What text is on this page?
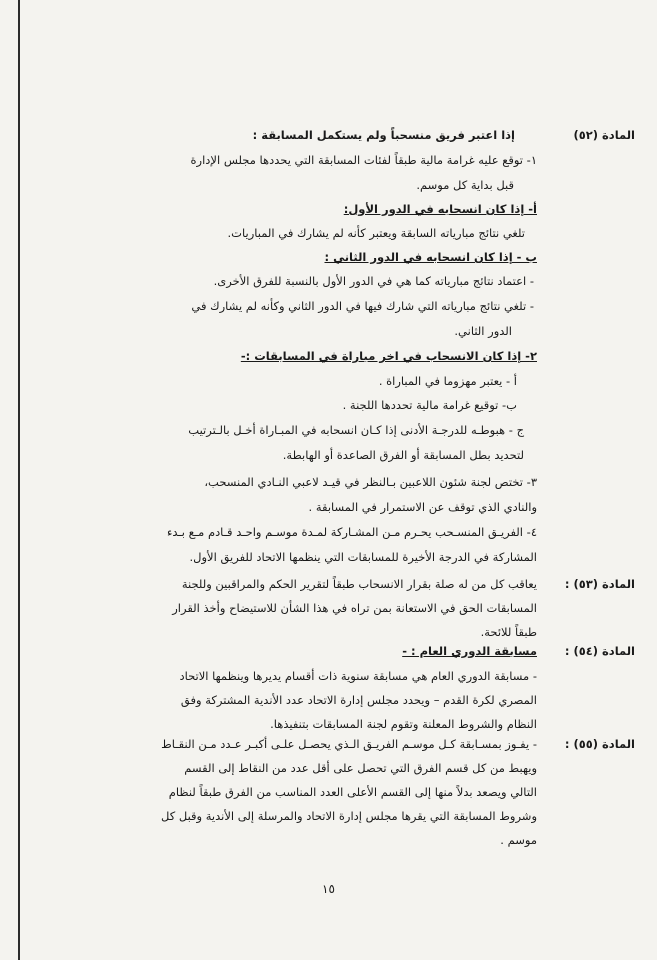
المادة (٥٢)
إذا اعتبر فريق منسحباً ولم يستكمل المسابقة :
١- توقع عليه غرامة مالية طبقاً لفئات المسابقة التي يحددها مجلس الإدارة
قبل بداية كل موسم.
أ- إذا كان انسحابه في الدور الأول:
تلغي نتائج مبارياته السابقة ويعتبر كأنه لم يشارك في المباريات.
ب - إذا كان انسحابه في الدور الثاني :
- اعتماد نتائج مبارياته كما هي في الدور الأول بالنسبة للفرق الأخرى.
- تلغي نتائج مبارياته التي شارك فيها في الدور الثاني وكأنه لم يشارك في
الدور الثاني.
٢- إذا كان الانسحاب في اخر مباراة في المسابقات :-
أ - يعتبر مهزوما في المباراة .
ب- توقيع غرامة مالية تحددها اللجنة .
ج - هبوطـه للدرجـة الأدنى إذا كـان انسحابه في المبـاراة أخـل بالـترتيب
لتحديد بطل المسابقة أو الفرق الصاعدة أو الهابطة.
٣- تختص لجنة شئون اللاعبين بـالنظر في قيـد لاعبي النـادي المنسحب،
والنادي الذي توقف عن الاستمرار في المسابقة .
٤- الفريـق المنسـحب يحـرم مـن المشـاركة لمـدة موسـم واحـد قـادم مـع بـدء
المشاركة في الدرجة الأخيرة للمسابقات التي ينظمها الاتحاد للفريق الأول.
المادة (٥٣) :
يعاقب كل من له صلة بقرار الانسحاب طبقاً لتقرير الحكم والمراقبين وللجنة
المسابقات الحق في الاستعانة بمن تراه في هذا الشأن للاستيضاح وأخذ القرار
طبقاً للائحة.
المادة (٥٤) :
مسابقة الدوري العام : -
- مسابقة الدوري العام هي مسابقة سنوية ذات أقسام يديرها وينظمها الاتحاد
المصري لكرة القدم – ويحدد مجلس إدارة الاتحاد عدد الأندية المشتركة وفق
النظام والشروط المعلنة وتقوم لجنة المسابقات بتنفيذها.
المادة (٥٥) :
- يفـوز بمسـابقة كـل موسـم الفريـق الـذي يحصـل علـى أكبـر عـدد مـن النقـاط
ويهبط من كل قسم الفرق التي تحصل على أقل عدد من النقاط إلى القسم
التالي ويصعد بدلاً منها إلى القسم الأعلى العدد المناسب من الفرق طبقاً لنظام
وشروط المسابقة التي يقرها مجلس إدارة الاتحاد والمرسلة إلى الأندية وقبل كل
موسم .
١٥
